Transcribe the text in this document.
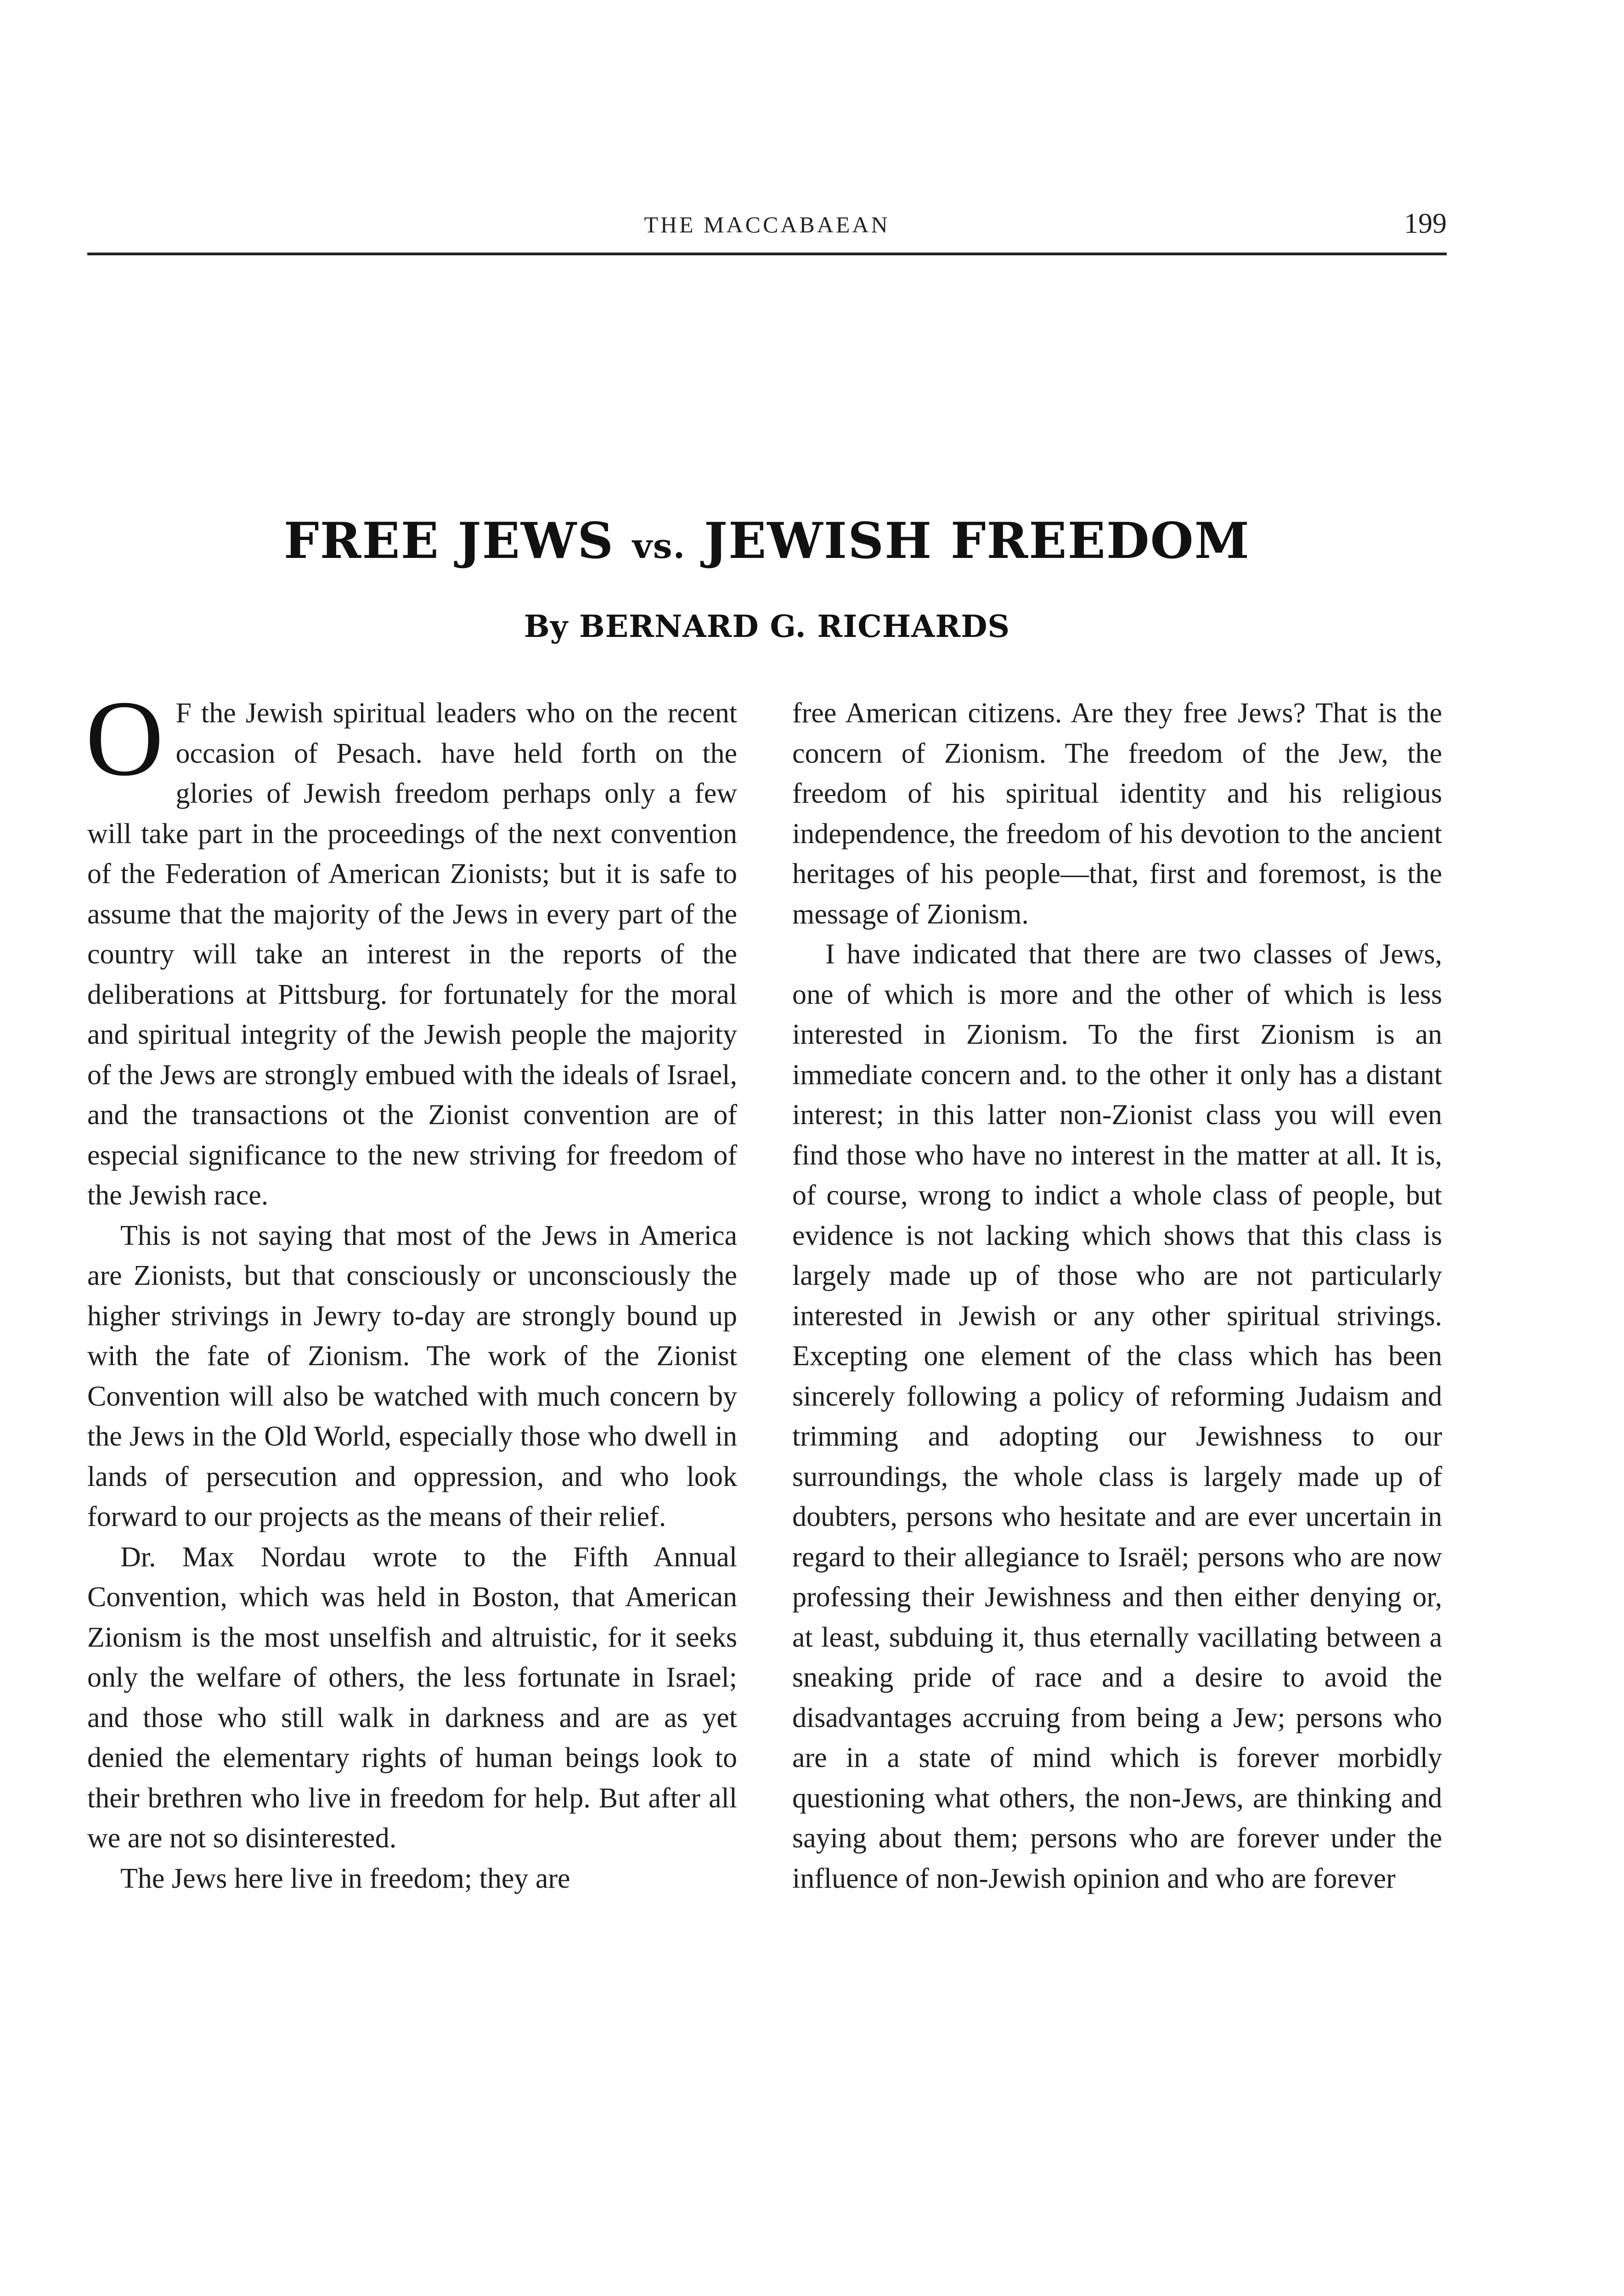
THE MACCABAEAN	199
FREE JEWS vs. JEWISH FREEDOM
By BERNARD G. RICHARDS

O F the Jewish spiritual leaders who on the recent occasion of Pesach. have held forth on the glories of Jewish freedom perhaps only a few will take part in the proceedings of the next convention of the Federation of American Zionists; but it is safe to assume that the majority of the Jews in every part of the country will take an interest in the reports of the deliberations at Pittsburg. for fortunately for the moral and spiritual integrity of the Jewish people the majority of the Jews are strongly embued with the ideals of Israel, and the transactions ot the Zionist convention are of especial significance to the new striving for freedom of the Jewish race.

This is not saying that most of the Jews in America are Zionists, but that consciously or unconsciously the higher strivings in Jewry to-day are strongly bound up with the fate of Zionism. The work of the Zionist Convention will also be watched with much concern by the Jews in the Old World, especially those who dwell in lands of persecution and oppression, and who look forward to our projects as the means of their relief.

Dr. Max Nordau wrote to the Fifth Annual Convention, which was held in Boston, that American Zionism is the most unselfish and altruistic, for it seeks only the welfare of others, the less fortunate in Israel; and those who still walk in darkness and are as yet denied the elementary rights of human beings look to their brethren who live in freedom for help. But after all we are not so disinterested.

The Jews here live in freedom; they are

free American citizens. Are they free Jews? That is the concern of Zionism. The freedom of the Jew, the freedom of his spiritual identity and his religious independence, the freedom of his devotion to the ancient heritages of his people—that, first and foremost, is the message of Zionism.

I have indicated that there are two classes of Jews, one of which is more and the other of which is less interested in Zionism. To the first Zionism is an immediate concern and. to the other it only has a distant interest; in this latter non-Zionist class you will even find those who have no interest in the matter at all. It is, of course, wrong to indict a whole class of people, but evidence is not lacking which shows that this class is largely made up of those who are not particularly interested in Jewish or any other spiritual strivings. Excepting one element of the class which has been sincerely following a policy of reforming Judaism and trimming and adopting our Jewishness to our surroundings, the whole class is largely made up of doubters, persons who hesitate and are ever uncertain in regard to their allegiance to Israël; persons who are now professing their Jewishness and then either denying or, at least, subduing it, thus eternally vacillating between a sneaking pride of race and a desire to avoid the disadvantages accruing from being a Jew; persons who are in a state of mind which is forever morbidly questioning what others, the non-Jews, are thinking and saying about them; persons who are forever under the influence of non-Jewish opinion and who are forever
